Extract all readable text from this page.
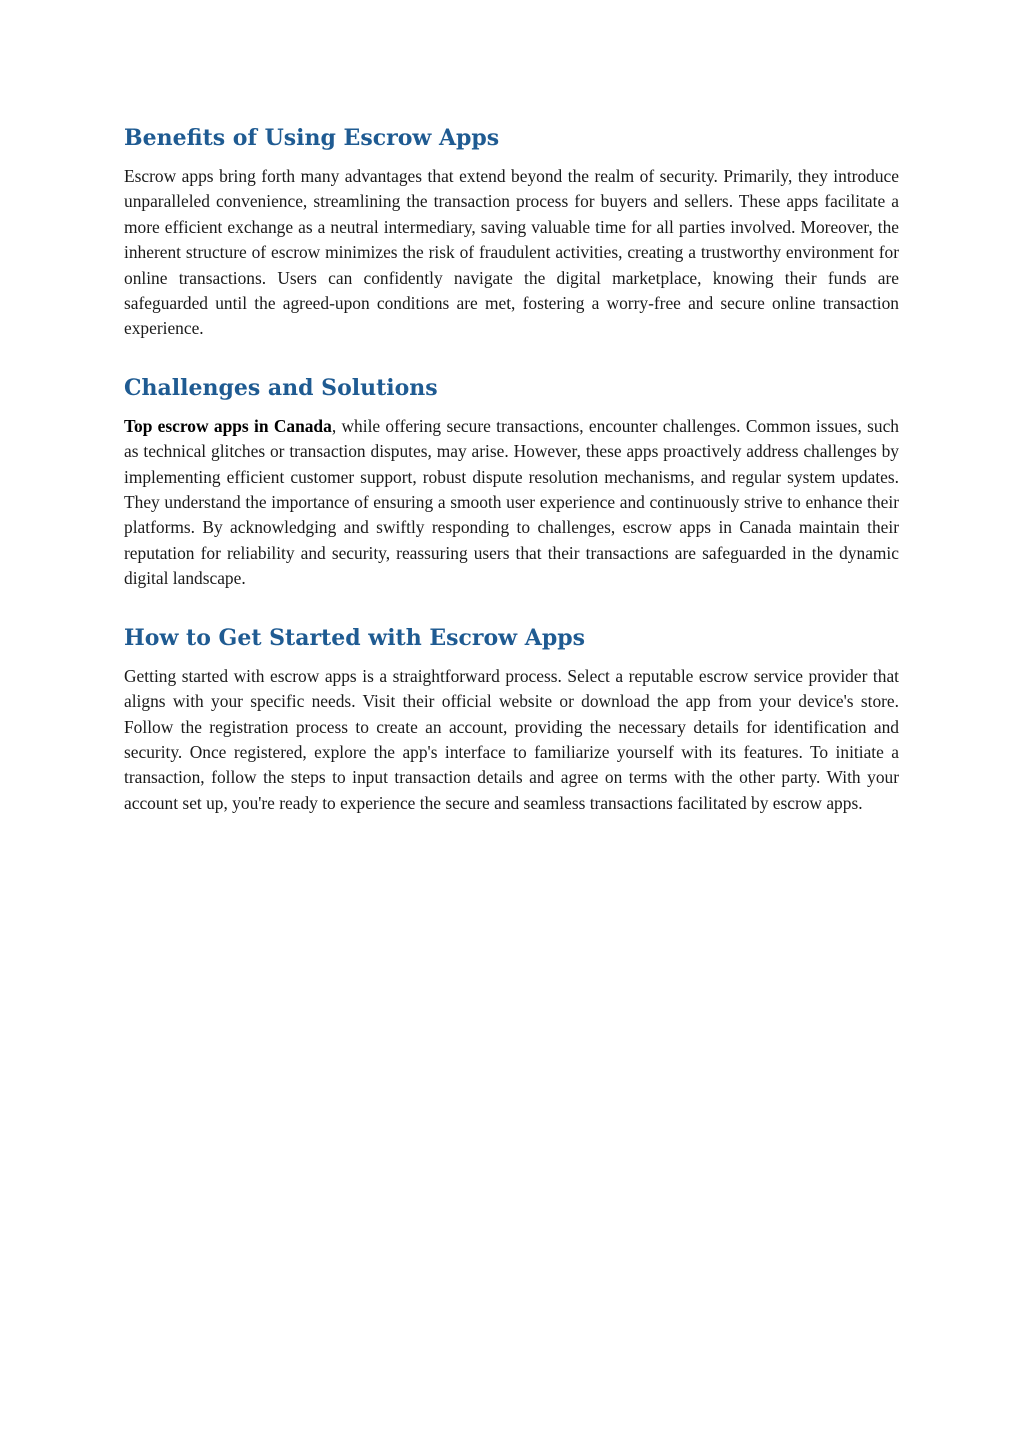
Benefits of Using Escrow Apps

Escrow apps bring forth many advantages that extend beyond the realm of security. Primarily, they introduce unparalleled convenience, streamlining the transaction process for buyers and sellers. These apps facilitate a more efficient exchange as a neutral intermediary, saving valuable time for all parties involved. Moreover, the inherent structure of escrow minimizes the risk of fraudulent activities, creating a trustworthy environment for online transactions. Users can confidently navigate the digital marketplace, knowing their funds are safeguarded until the agreed-upon conditions are met, fostering a worry-free and secure online transaction experience.

Challenges and Solutions

Top escrow apps in Canada, while offering secure transactions, encounter challenges. Common issues, such as technical glitches or transaction disputes, may arise. However, these apps proactively address challenges by implementing efficient customer support, robust dispute resolution mechanisms, and regular system updates. They understand the importance of ensuring a smooth user experience and continuously strive to enhance their platforms. By acknowledging and swiftly responding to challenges, escrow apps in Canada maintain their reputation for reliability and security, reassuring users that their transactions are safeguarded in the dynamic digital landscape.

How to Get Started with Escrow Apps

Getting started with escrow apps is a straightforward process. Select a reputable escrow service provider that aligns with your specific needs. Visit their official website or download the app from your device's store. Follow the registration process to create an account, providing the necessary details for identification and security. Once registered, explore the app's interface to familiarize yourself with its features. To initiate a transaction, follow the steps to input transaction details and agree on terms with the other party. With your account set up, you're ready to experience the secure and seamless transactions facilitated by escrow apps.
